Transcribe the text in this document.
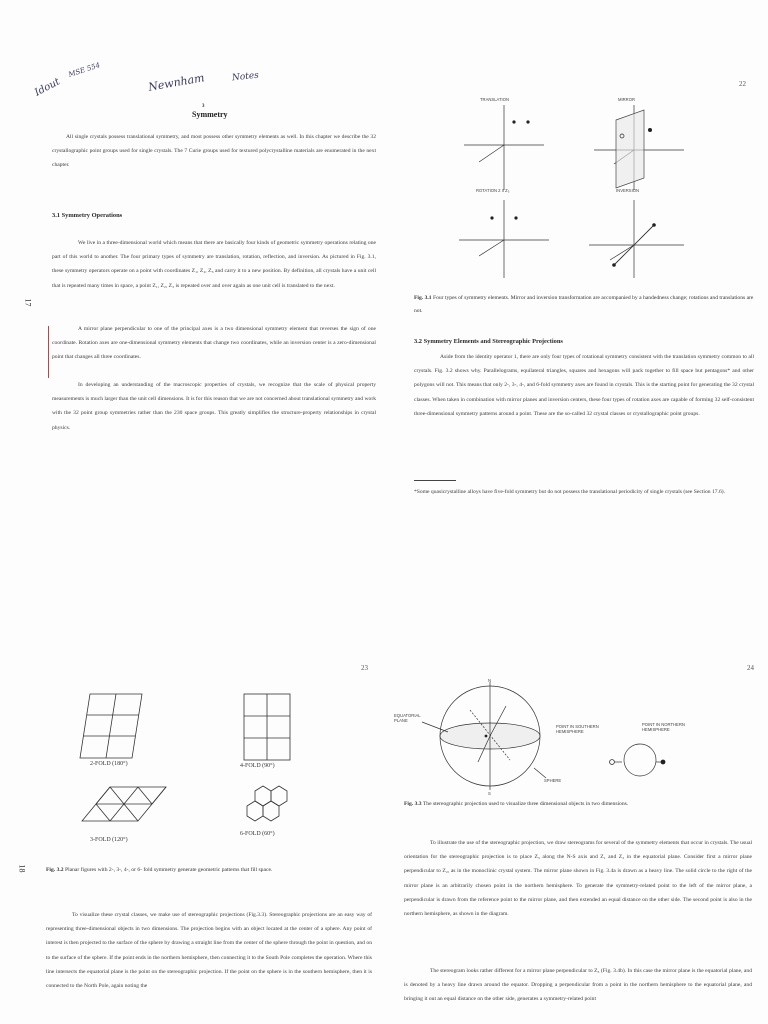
Idout
MSE 554
Newnham	Notes
3
Symmetry
17

All single crystals possess translational symmetry, and most possess other symmetry elements as well. In this chapter we describe the 32 crystallographic point groups used for single crystals. The 7 Curie groups used for textured polycrystalline materials are enumerated in the next chapter.

3.1 Symmetry Operations

We live in a three-dimensional world which means that there are basically four kinds of geometric symmetry operations relating one part of this world to another. The four primary types of symmetry are translation, rotation, reflection, and inversion. As pictured in Fig. 3.1, these symmetry operators operate on a point with coordinates Z₁, Z₂, Z₃ and carry it to a new position. By definition, all crystals have a unit cell that is repeated many times in space, a point Z₁, Z₂, Z₃ is repeated over and over again as one unit cell is translated to the next.

A mirror plane perpendicular to one of the principal axes is a two dimensional symmetry element that reverses the sign of one coordinate. Rotation axes are one-dimensional symmetry elements that change two coordinates, while an inversion center is a zero-dimensional point that changes all three coordinates.

In developing an understanding of the macroscopic properties of crystals, we recognize that the scale of physical property measurements is much larger than the unit cell dimensions. It is for this reason that we are not concerned about translational symmetry and work with the 32 point group symmetries rather than the 230 space groups. This greatly simplifies the structure-property relationships in crystal physics.

22
TRANSLATION	MIRROR
ROTATION 2 II Z₃	INVERSION

Fig. 3.1 Four types of symmetry elements. Mirror and inversion transformation are accompanied by a handedness change; rotations and translations are not.

3.2 Symmetry Elements and Stereographic Projections

Aside from the identity operator 1, there are only four types of rotational symmetry consistent with the translation symmetry common to all crystals. Fig. 3.2 shows why. Parallelograms, equilateral triangles, squares and hexagons will pack together to fill space but pentagons* and other polygons will not. This means that only 2-, 3-, 4-, and 6-fold symmetry axes are found in crystals. This is the starting point for generating the 32 crystal classes. When taken in combination with mirror planes and inversion centers, these four types of rotation axes are capable of forming 32 self-consistent three-dimensional symmetry patterns around a point. These are the so-called 32 crystal classes or crystallographic point groups.

*Some quasicrystalline alloys have five-fold symmetry but do not possess the translational periodicity of single crystals (see Section 17.6).

23
18
2-FOLD (180°)	4-FOLD (90°)
3-FOLD (120°)
6-FOLD (60°)

Fig. 3.2 Planar figures with 2-, 3-, 4-, or 6- fold symmetry generate geometric patterns that fill space.

To visualize these crystal classes, we make use of stereographic projections (Fig.3.3). Stereographic projections are an easy way of representing three-dimensional objects in two dimensions. The projection begins with an object located at the center of a sphere. Any point of interest is then projected to the surface of the sphere by drawing a straight line from the center of the sphere through the point in question, and on to the surface of the sphere. If the point ends in the northern hemisphere, then connecting it to the South Pole completes the operation. Where this line intersects the equatorial plane is the point on the stereographic projection. If the point on the sphere is in the southern hemisphere, then it is connected to the North Pole, again noting the

24
N
S
EQUATORIAL PLANE
SPHERE
POINT IN SOUTHERN HEMISPHERE
POINT IN NORTHERN HEMISPHERE

Fig. 3.3 The stereographic projection used to visualize three dimensional objects in two dimensions.

To illustrate the use of the stereographic projection, we draw stereograms for several of the symmetry elements that occur in crystals. The usual orientation for the stereographic projection is to place Z₃ along the N-S axis and Z₁ and Z₂ in the equatorial plane. Consider first a mirror plane perpendicular to Z₂, as in the monoclinic crystal system. The mirror plane shown in Fig. 3.4a is drawn as a heavy line. The solid circle to the right of the mirror plane is an arbitrarily chosen point in the northern hemisphere. To generate the symmetry-related point to the left of the mirror plane, a perpendicular is drawn from the reference point to the mirror plane, and then extended an equal distance on the other side. The second point is also in the northern hemisphere, as shown in the diagram.

The stereogram looks rather different for a mirror plane perpendicular to Z₃ (Fig. 3.4b). In this case the mirror plane is the equatorial plane, and is denoted by a heavy line drawn around the equator. Dropping a perpendicular from a point in the northern hemisphere to the equatorial plane, and bringing it out an equal distance on the other side, generates a symmetry-related point
